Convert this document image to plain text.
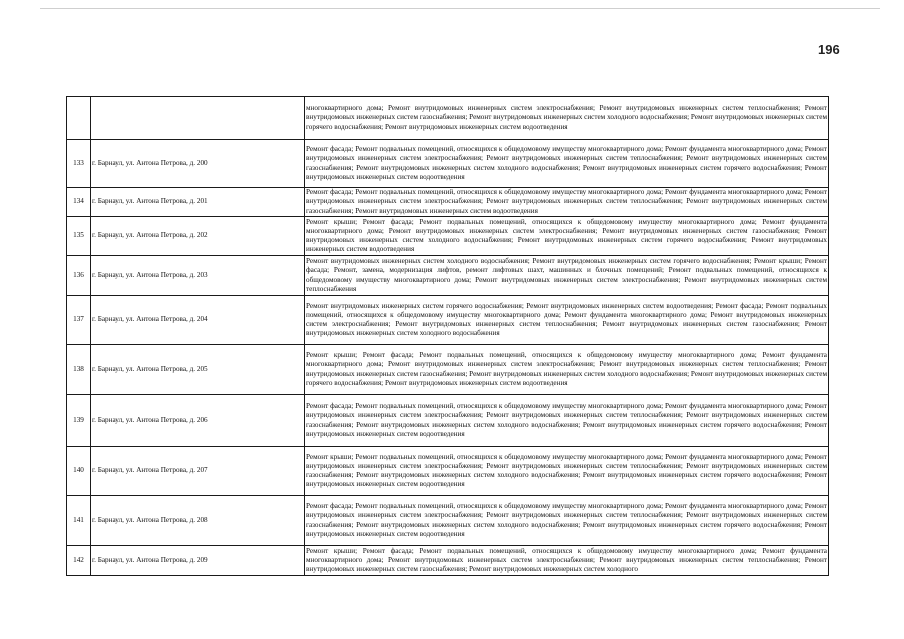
196
		многоквартирного дома; Ремонт внутридомовых инженерных систем электроснабжения; Ремонт внутридомовых инженерных систем теплоснабжения; Ремонт внутридомовых инженерных систем газоснабжения; Ремонт внутридомовых инженерных систем холодного водоснабжения; Ремонт внутридомовых инженерных систем горячего водоснабжения; Ремонт внутридомовых инженерных систем водоотведения
133	г. Барнаул, ул. Антона Петрова, д. 200	Ремонт фасада; Ремонт подвальных помещений, относящихся к общедомовому имуществу многоквартирного дома; Ремонт фундамента многоквартирного дома; Ремонт внутридомовых инженерных систем электроснабжения; Ремонт внутридомовых инженерных систем теплоснабжения; Ремонт внутридомовых инженерных систем газоснабжения; Ремонт внутридомовых инженерных систем холодного водоснабжения; Ремонт внутридомовых инженерных систем горячего водоснабжения; Ремонт внутридомовых инженерных систем водоотведения
134	г. Барнаул, ул. Антона Петрова, д. 201	Ремонт фасада; Ремонт подвальных помещений, относящихся к общедомовому имуществу многоквартирного дома; Ремонт фундамента многоквартирного дома; Ремонт внутридомовых инженерных систем электроснабжения; Ремонт внутридомовых инженерных систем теплоснабжения; Ремонт внутридомовых инженерных систем газоснабжения; Ремонт внутридомовых инженерных систем водоотведения
135	г. Барнаул, ул. Антона Петрова, д. 202	Ремонт крыши; Ремонт фасада; Ремонт подвальных помещений, относящихся к общедомовому имуществу многоквартирного дома; Ремонт фундамента многоквартирного дома; Ремонт внутридомовых инженерных систем электроснабжения; Ремонт внутридомовых инженерных систем газоснабжения; Ремонт внутридомовых инженерных систем холодного водоснабжения; Ремонт внутридомовых инженерных систем горячего водоснабжения; Ремонт внутридомовых инженерных систем водоотведения
136	г. Барнаул, ул. Антона Петрова, д. 203	Ремонт внутридомовых инженерных систем холодного водоснабжения; Ремонт внутридомовых инженерных систем горячего водоснабжения; Ремонт крыши; Ремонт фасада; Ремонт, замена, модернизация лифтов, ремонт лифтовых шахт, машинных и блочных помещений; Ремонт подвальных помещений, относящихся к общедомовому имуществу многоквартирного дома; Ремонт внутридомовых инженерных систем электроснабжения; Ремонт внутридомовых инженерных систем теплоснабжения
137	г. Барнаул, ул. Антона Петрова, д. 204	Ремонт внутридомовых инженерных систем горячего водоснабжения; Ремонт внутридомовых инженерных систем водоотведения; Ремонт фасада; Ремонт подвальных помещений, относящихся к общедомовому имуществу многоквартирного дома; Ремонт фундамента многоквартирного дома; Ремонт внутридомовых инженерных систем электроснабжения; Ремонт внутридомовых инженерных систем теплоснабжения; Ремонт внутридомовых инженерных систем газоснабжения; Ремонт внутридомовых инженерных систем холодного водоснабжения
138	г. Барнаул, ул. Антона Петрова, д. 205	Ремонт крыши; Ремонт фасада; Ремонт подвальных помещений, относящихся к общедомовому имуществу многоквартирного дома; Ремонт фундамента многоквартирного дома; Ремонт внутридомовых инженерных систем электроснабжения; Ремонт внутридомовых инженерных систем теплоснабжения; Ремонт внутридомовых инженерных систем газоснабжения; Ремонт внутридомовых инженерных систем холодного водоснабжения; Ремонт внутридомовых инженерных систем горячего водоснабжения; Ремонт внутридомовых инженерных систем водоотведения
139	г. Барнаул, ул. Антона Петрова, д. 206	Ремонт фасада; Ремонт подвальных помещений, относящихся к общедомовому имуществу многоквартирного дома; Ремонт фундамента многоквартирного дома; Ремонт внутридомовых инженерных систем электроснабжения; Ремонт внутридомовых инженерных систем теплоснабжения; Ремонт внутридомовых инженерных систем газоснабжения; Ремонт внутридомовых инженерных систем холодного водоснабжения; Ремонт внутридомовых инженерных систем горячего водоснабжения; Ремонт внутридомовых инженерных систем водоотведения
140	г. Барнаул, ул. Антона Петрова, д. 207	Ремонт крыши; Ремонт подвальных помещений, относящихся к общедомовому имуществу многоквартирного дома; Ремонт фундамента многоквартирного дома; Ремонт внутридомовых инженерных систем электроснабжения; Ремонт внутридомовых инженерных систем теплоснабжения; Ремонт внутридомовых инженерных систем газоснабжения; Ремонт внутридомовых инженерных систем холодного водоснабжения; Ремонт внутридомовых инженерных систем горячего водоснабжения; Ремонт внутридомовых инженерных систем водоотведения
141	г. Барнаул, ул. Антона Петрова, д. 208	Ремонт фасада; Ремонт подвальных помещений, относящихся к общедомовому имуществу многоквартирного дома; Ремонт фундамента многоквартирного дома; Ремонт внутридомовых инженерных систем электроснабжения; Ремонт внутридомовых инженерных систем теплоснабжения; Ремонт внутридомовых инженерных систем газоснабжения; Ремонт внутридомовых инженерных систем холодного водоснабжения; Ремонт внутридомовых инженерных систем горячего водоснабжения; Ремонт внутридомовых инженерных систем водоотведения
142	г. Барнаул, ул. Антона Петрова, д. 209	Ремонт крыши; Ремонт фасада; Ремонт подвальных помещений, относящихся к общедомовому имуществу многоквартирного дома; Ремонт фундамента многоквартирного дома; Ремонт внутридомовых инженерных систем электроснабжения; Ремонт внутридомовых инженерных систем теплоснабжения; Ремонт внутридомовых инженерных систем газоснабжения; Ремонт внутридомовых инженерных систем холодного
